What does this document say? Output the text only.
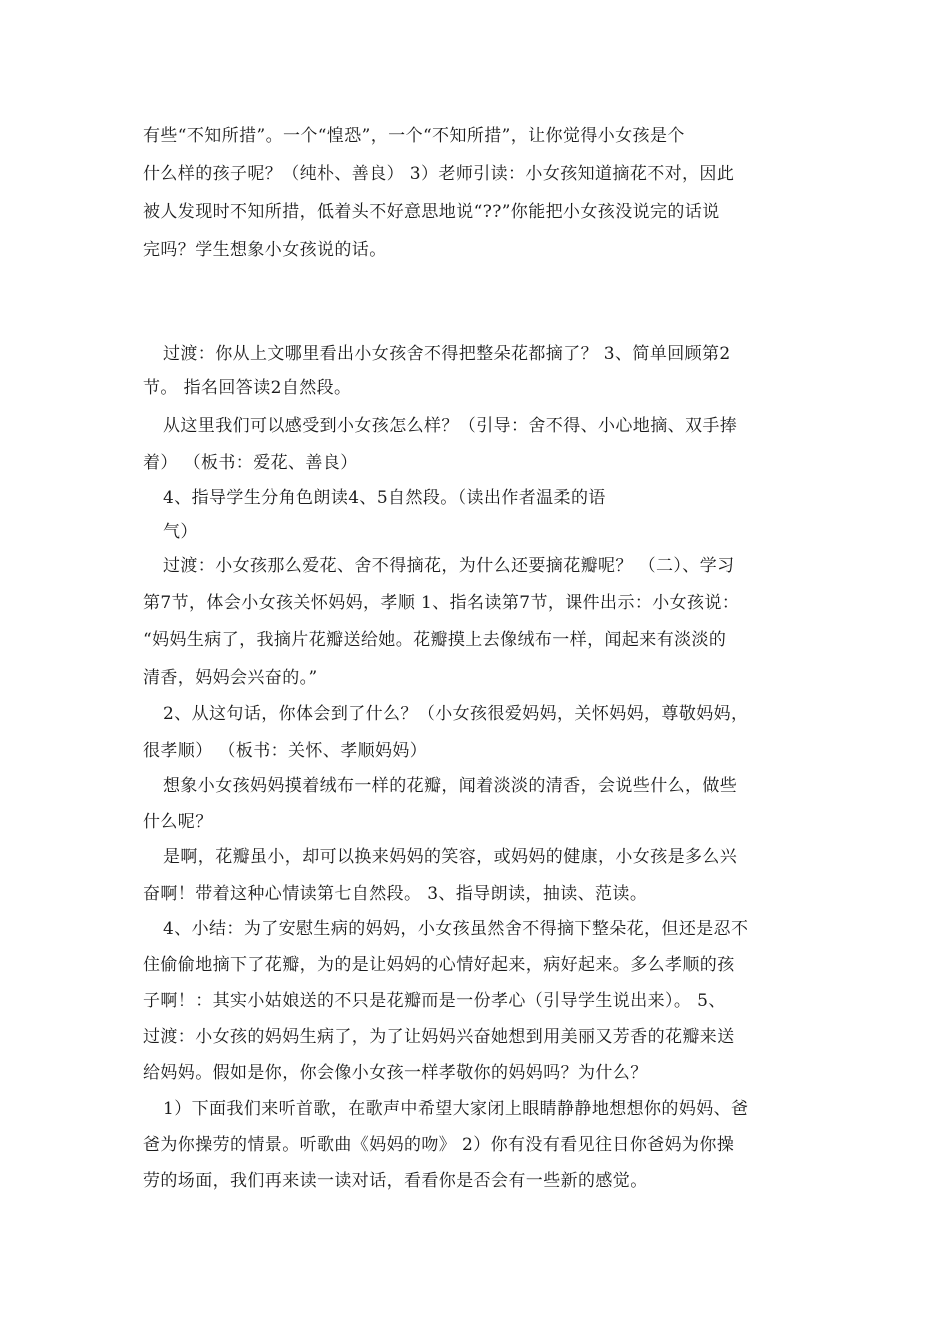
有些“不知所措”。一个“惶恐”，一个“不知所措”，让你觉得小女孩是个
什么样的孩子呢？（纯朴、善良） 3）老师引读：小女孩知道摘花不对，因此
被人发现时不知所措，低着头不好意思地说“??”你能把小女孩没说完的话说
完吗？学生想象小女孩说的话。
过渡：你从上文哪里看出小女孩舍不得把整朵花都摘了？ 3、简单回顾第2
节。 指名回答读2自然段。
从这里我们可以感受到小女孩怎么样？（引导：舍不得、小心地摘、双手捧
着） （板书：爱花、善良）
4、指导学生分角色朗读4、5自然段。（读出作者温柔的语
气）
过渡：小女孩那么爱花、舍不得摘花，为什么还要摘花瓣呢？ （二）、学习
第7节，体会小女孩关怀妈妈，孝顺 1、指名读第7节，课件出示：小女孩说：
“妈妈生病了，我摘片花瓣送给她。花瓣摸上去像绒布一样，闻起来有淡淡的
清香，妈妈会兴奋的。”
2、从这句话，你体会到了什么？（小女孩很爱妈妈，关怀妈妈，尊敬妈妈，
很孝顺） （板书：关怀、孝顺妈妈）
想象小女孩妈妈摸着绒布一样的花瓣，闻着淡淡的清香，会说些什么，做些
什么呢？
是啊，花瓣虽小，却可以换来妈妈的笑容，或妈妈的健康，小女孩是多么兴
奋啊！带着这种心情读第七自然段。 3、指导朗读，抽读、范读。
4、小结：为了安慰生病的妈妈，小女孩虽然舍不得摘下整朵花，但还是忍不
住偷偷地摘下了花瓣，为的是让妈妈的心情好起来，病好起来。多么孝顺的孩
子啊！：其实小姑娘送的不只是花瓣而是一份孝心（引导学生说出来）。 5、
过渡：小女孩的妈妈生病了，为了让妈妈兴奋她想到用美丽又芳香的花瓣来送
给妈妈。假如是你，你会像小女孩一样孝敬你的妈妈吗？为什么？
1）下面我们来听首歌，在歌声中希望大家闭上眼睛静静地想想你的妈妈、爸
爸为你操劳的情景。听歌曲《妈妈的吻》 2）你有没有看见往日你爸妈为你操
劳的场面，我们再来读一读对话，看看你是否会有一些新的感觉。
